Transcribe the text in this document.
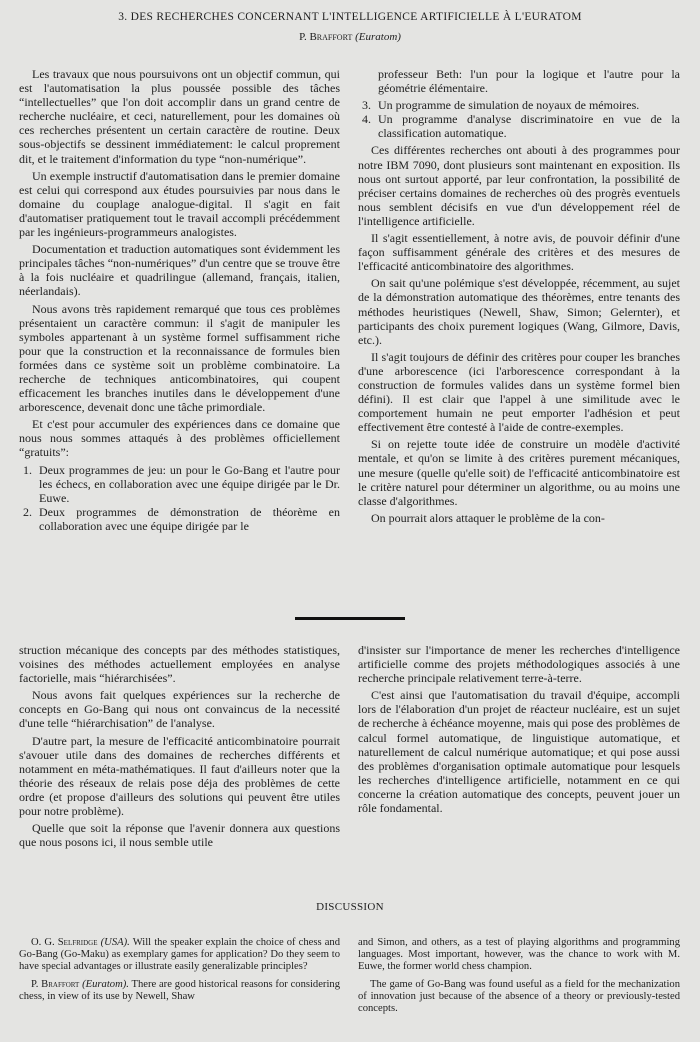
3. DES RECHERCHES CONCERNANT L'INTELLIGENCE ARTIFICIELLE À L'EURATOM
P. Braffort (Euratom)

Les travaux que nous poursuivons ont un objectif commun, qui est l'automatisation la plus poussée possible des tâches “intellectuelles” que l'on doit accomplir dans un grand centre de recherche nucléaire, et ceci, naturellement, pour les domaines où ces recherches présentent un certain caractère de routine. Deux sous-objectifs se dessinent immédiatement: le calcul proprement dit, et le traitement d'information du type “non-numérique”.

Un exemple instructif d'automatisation dans le premier domaine est celui qui correspond aux études poursuivies par nous dans le domaine du couplage analogue-digital. Il s'agit en fait d'automatiser pratiquement tout le travail accompli précédemment par les ingénieurs-programmeurs analogistes.

Documentation et traduction automatiques sont évidemment les principales tâches “non-numériques” d'un centre que se trouve être à la fois nucléaire et quadrilingue (allemand, français, italien, néerlandais).

Nous avons très rapidement remarqué que tous ces problèmes présentaient un caractère commun: il s'agit de manipuler les symboles appartenant à un système formel suffisamment riche pour que la construction et la reconnaissance de formules bien formées dans ce système soit un problème combinatoire. La recherche de techniques anticombinatoires, qui coupent efficacement les branches inutiles dans le développement d'une arborescence, devenait donc une tâche primordiale.

Et c'est pour accumuler des expériences dans ce domaine que nous nous sommes attaqués à des problèmes officiellement “gratuits”:

1. Deux programmes de jeu: un pour le Go-Bang et l'autre pour les échecs, en collaboration avec une équipe dirigée par le Dr. Euwe.
2. Deux programmes de démonstration de théorème en collaboration avec une équipe dirigée par le

professeur Beth: l'un pour la logique et l'autre pour la géométrie élémentaire.

3. Un programme de simulation de noyaux de mémoires.
4. Un programme d'analyse discriminatoire en vue de la classification automatique.

Ces différentes recherches ont abouti à des programmes pour notre IBM 7090, dont plusieurs sont maintenant en exposition. Ils nous ont surtout apporté, par leur confrontation, la possibilité de préciser certains domaines de recherches où des progrès eventuels nous semblent décisifs en vue d'un développement réel de l'intelligence artificielle.

Il s'agit essentiellement, à notre avis, de pouvoir définir d'une façon suffisamment générale des critères et des mesures de l'efficacité anticombinatoire des algorithmes.

On sait qu'une polémique s'est développée, récemment, au sujet de la démonstration automatique des théorèmes, entre tenants des méthodes heuristiques (Newell, Shaw, Simon; Gelernter), et participants des choix purement logiques (Wang, Gilmore, Davis, etc.).

Il s'agit toujours de définir des critères pour couper les branches d'une arborescence (ici l'arborescence correspondant à la construction de formules valides dans un système formel bien défini). Il est clair que l'appel à une similitude avec le comportement humain ne peut emporter l'adhésion et peut effectivement être contesté à l'aide de contre-exemples.

Si on rejette toute idée de construire un modèle d'activité mentale, et qu'on se limite à des critères purement mécaniques, une mesure (quelle qu'elle soit) de l'efficacité anticombinatoire est le critère naturel pour déterminer un algorithme, ou au moins une classe d'algorithmes.

On pourrait alors attaquer le problème de la con-

struction mécanique des concepts par des méthodes statistiques, voisines des méthodes actuellement employées en analyse factorielle, mais “hiérarchisées”.

Nous avons fait quelques expériences sur la recherche de concepts en Go-Bang qui nous ont convaincus de la necessité d'une telle “hiérarchisation” de l'analyse.

D'autre part, la mesure de l'efficacité anticombinatoire pourrait s'avouer utile dans des domaines de recherches différents et notamment en méta-mathématiques. Il faut d'ailleurs noter que la théorie des réseaux de relais pose déja des problèmes de cette ordre (et propose d'ailleurs des solutions qui peuvent être utiles pour notre problème).

Quelle que soit la réponse que l'avenir donnera aux questions que nous posons ici, il nous semble utile

d'insister sur l'importance de mener les recherches d'intelligence artificielle comme des projets méthodologiques associés à une recherche principale relativement terre-à-terre.

C'est ainsi que l'automatisation du travail d'équipe, accompli lors de l'élaboration d'un projet de réacteur nucléaire, est un sujet de recherche à échéance moyenne, mais qui pose des problèmes de calcul formel automatique, de linguistique automatique, et naturellement de calcul numérique automatique; et qui pose aussi des problèmes d'organisation optimale automatique pour lesquels les recherches d'intelligence artificielle, notamment en ce qui concerne la création automatique des concepts, peuvent jouer un rôle fondamental.

DISCUSSION

O. G. Selfridge (USA). Will the speaker explain the choice of chess and Go-Bang (Go-Maku) as exemplary games for application? Do they seem to have special advantages or illustrate easily generalizable principles?

P. Braffort (Euratom). There are good historical reasons for considering chess, in view of its use by Newell, Shaw

and Simon, and others, as a test of playing algorithms and programming languages. Most important, however, was the chance to work with M. Euwe, the former world chess champion.

The game of Go-Bang was found useful as a field for the mechanization of innovation just because of the absence of a theory or previously-tested concepts.
